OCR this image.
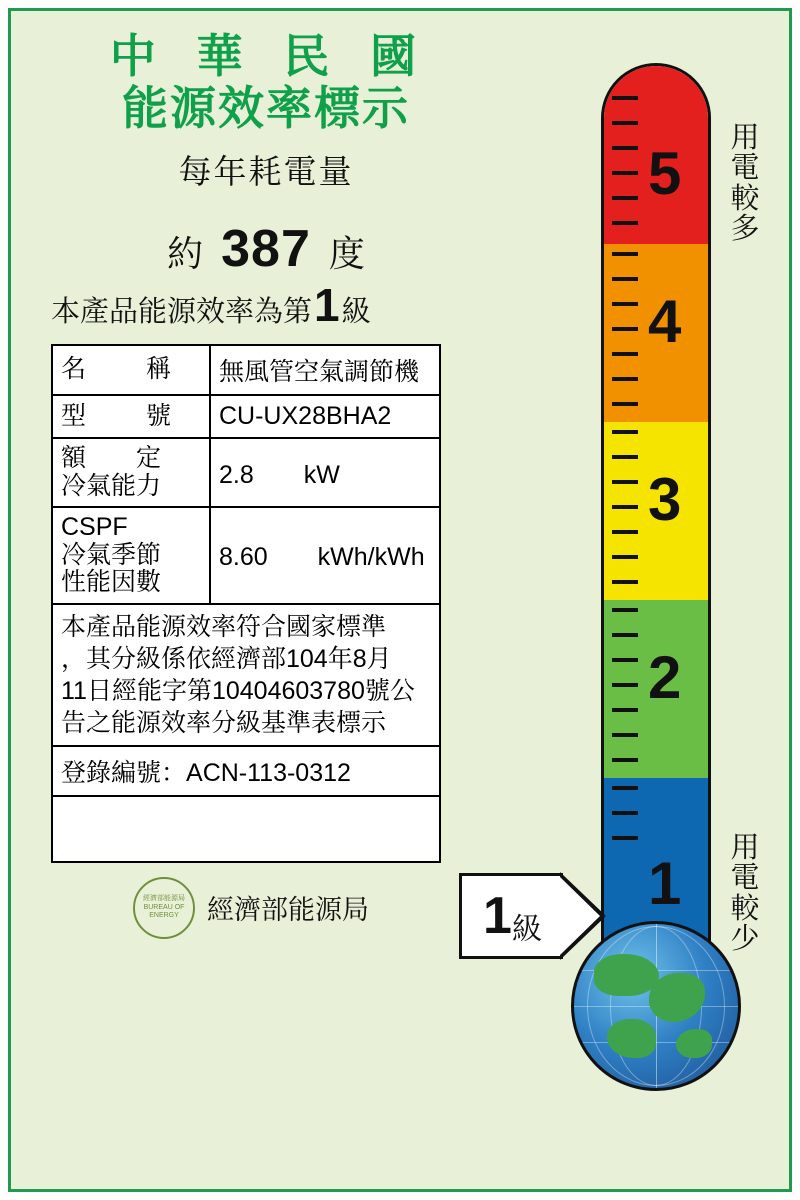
中 華 民 國
能源效率標示
每年耗電量
約 387 度
本產品能源效率為第 1 級
名 稱	無風管空氣調節機

型 號	CU-UX28BHA2

額　　定
冷氣能力	2.8　　kW

CSPF
冷氣季節
性能因數	8.60　　kWh/kWh

本產品能源效率符合國家標準
，其分級係依經濟部104年8月
11日經能字第10404603780號公
告之能源效率分級基準表標示	

登錄編號：ACN-113-0312	

經濟部能源局 BUREAU OF ENERGY	經濟部能源局
5
4
3
2
1
用
電
較
多
用
電
較
少
1 級
